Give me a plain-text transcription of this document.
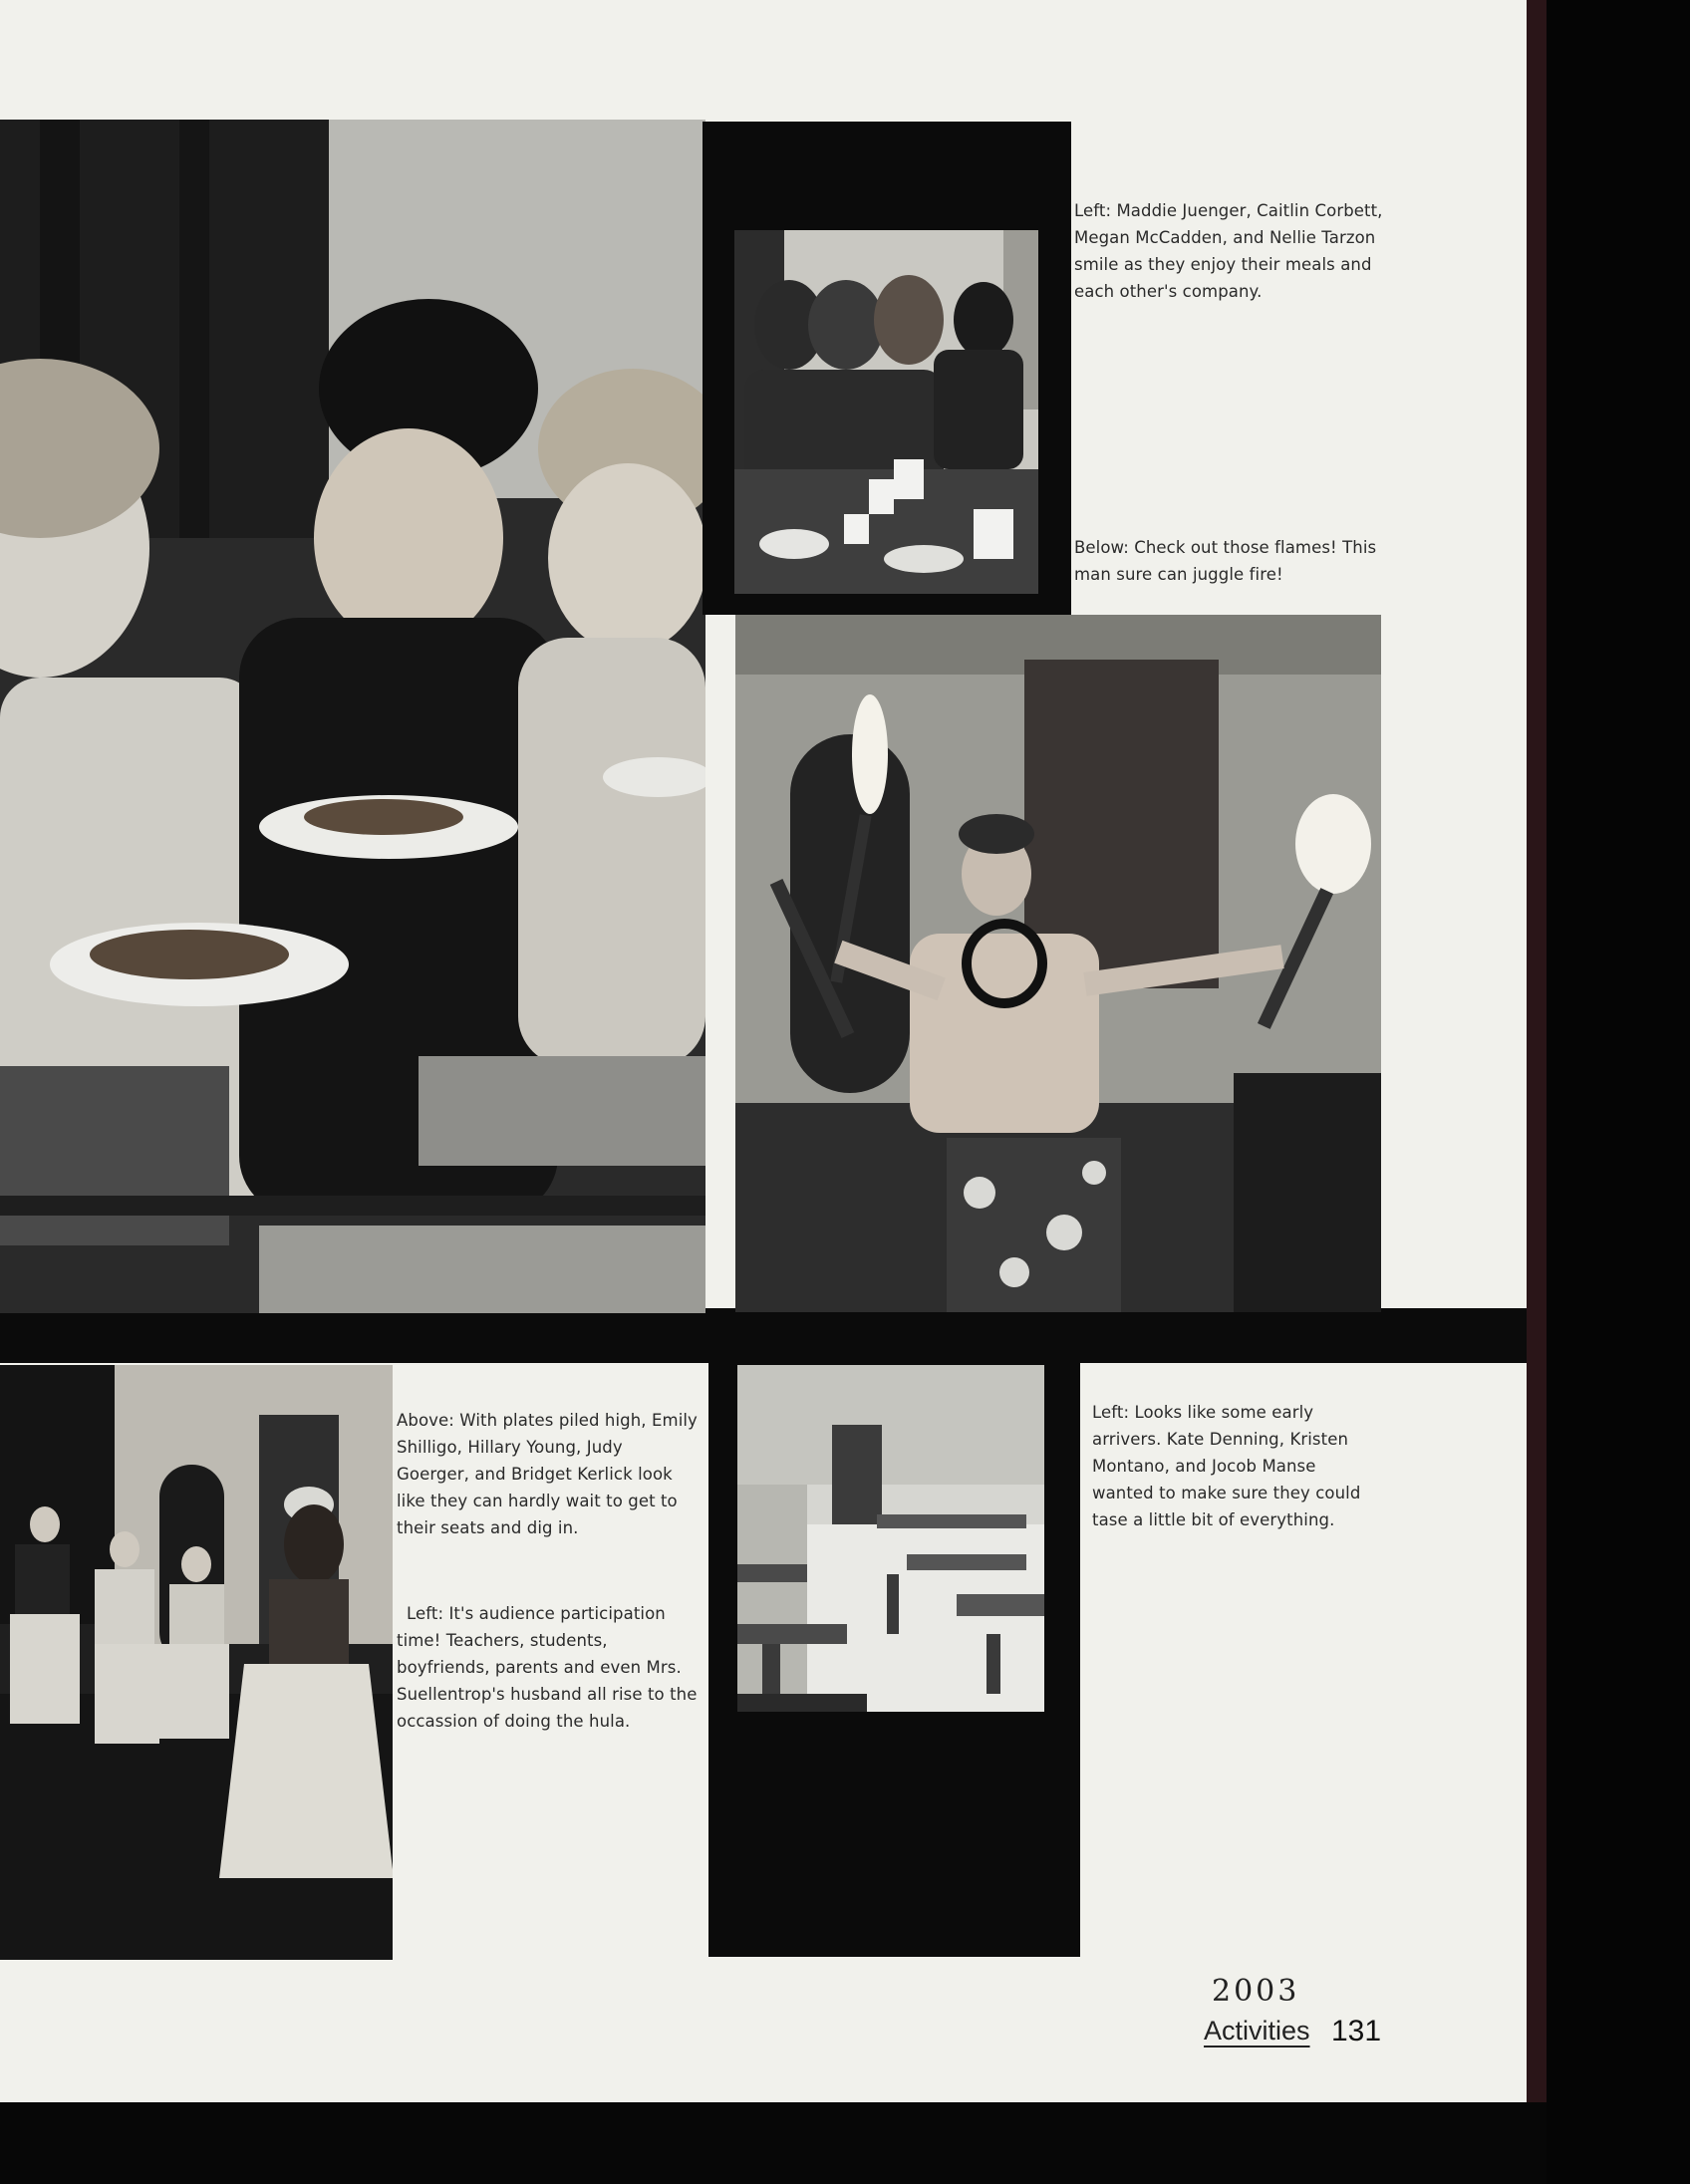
Left: Maddie Juenger, Caitlin Corbett, Megan McCadden, and Nellie Tarzon smile as they enjoy their meals and each other's company.

Below: Check out those flames! This man sure can juggle fire!

Above: With plates piled high, Emily Shilligo, Hillary Young, Judy Goerger, and Bridget Kerlick look like they can hardly wait to get to their seats and dig in.

Left: It's audience participation time! Teachers, students, boyfriends, parents and even Mrs. Suellentrop's husband all rise to the occassion of doing the hula.

Left: Looks like some early arrivers. Kate Denning, Kristen Montano, and Jocob Manse wanted to make sure they could tase a little bit of everything.

2003
Activities 131
